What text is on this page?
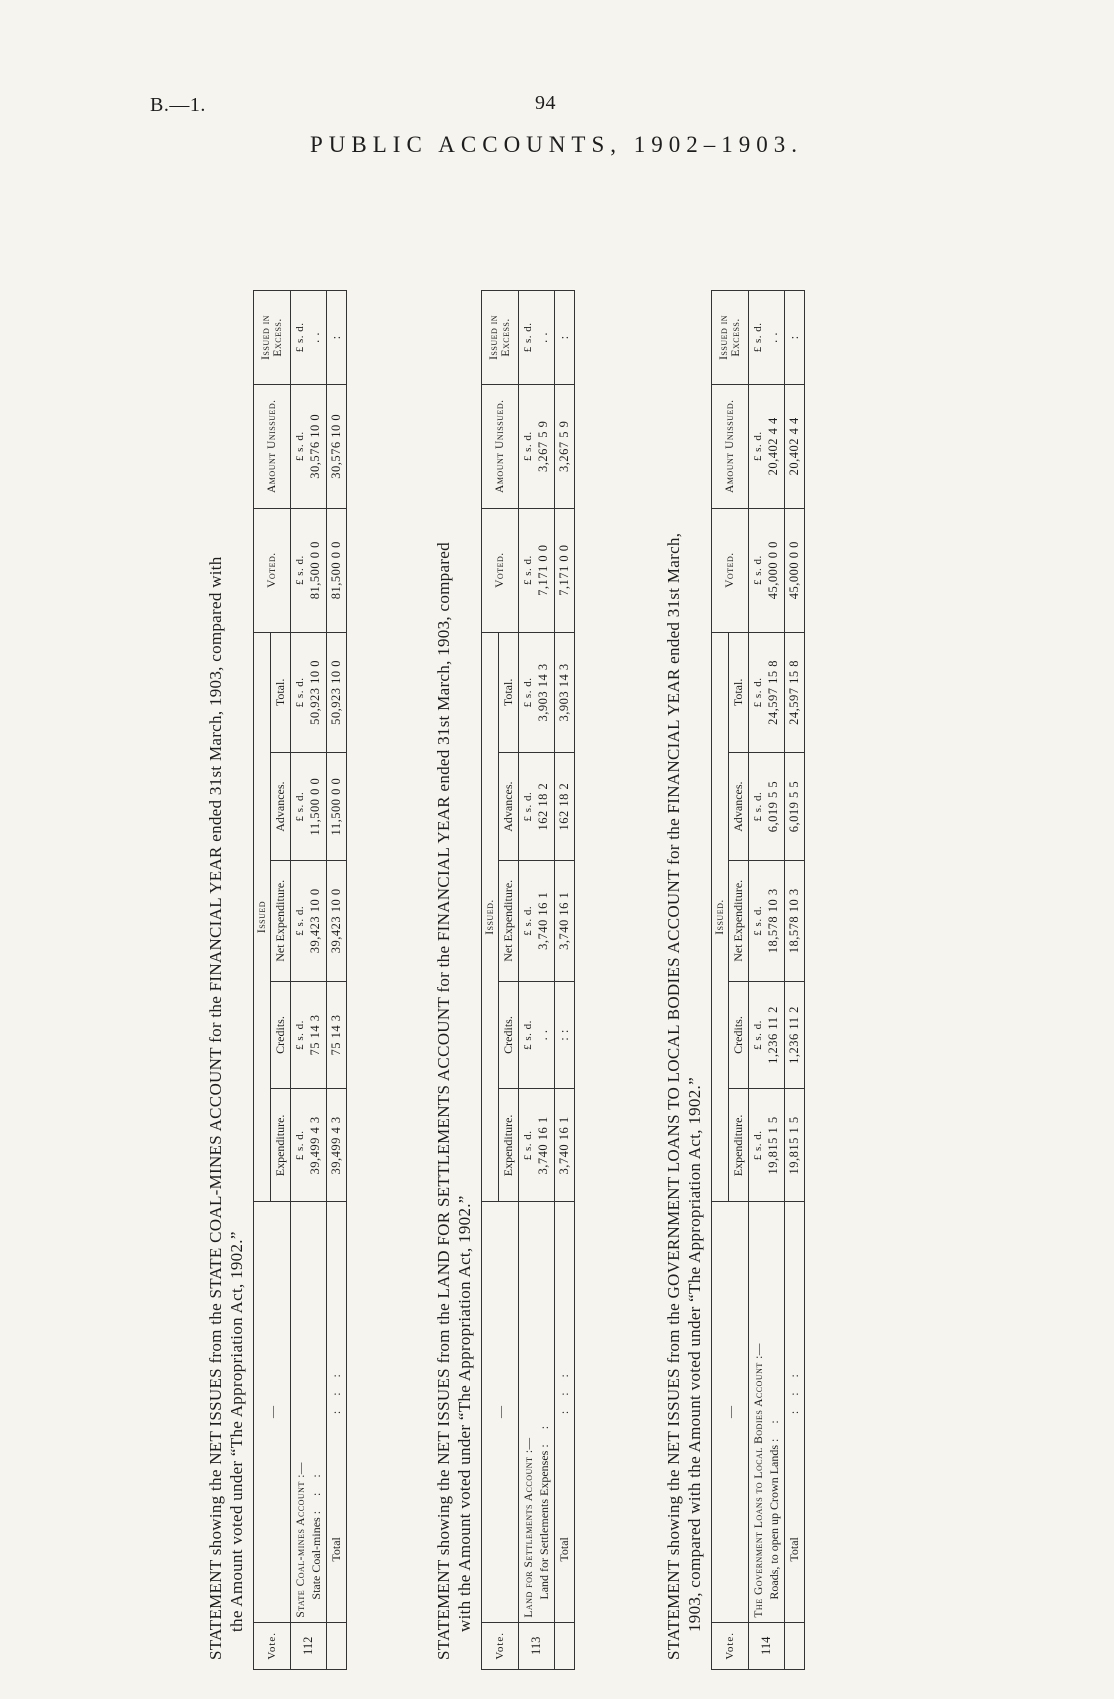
B.—1.	94
PUBLIC ACCOUNTS, 1902–1903.
STATEMENT showing the NET ISSUES from the STATE COAL-MINES ACCOUNT for the FINANCIAL YEAR ended 31st March, 1903, compared with the Amount voted under “The Appropriation Act, 1902.”
Vote.	—	Issued					Voted.	Amount Unissued.	Issued in Excess.
		Expenditure.	Credits.	Net Expenditure.	Advances.	Total.			
112	State Coal-mines Account :— State Coal-mines : : :	£ s. d. 39,499 4 3	£ s. d. 75 14 3	£ s. d. 39,423 10 0	£ s. d. 11,500 0 0	£ s. d. 50,923 10 0	£ s. d. 81,500 0 0	£ s. d. 30,576 10 0	£ s. d. . .
	Total : : :	39,499 4 3	75 14 3	39,423 10 0	11,500 0 0	50,923 10 0	81,500 0 0	30,576 10 0	:
STATEMENT showing the NET ISSUES from the LAND FOR SETTLEMENTS ACCOUNT for the FINANCIAL YEAR ended 31st March, 1903, compared with the Amount voted under “The Appropriation Act, 1902.”
Vote.	—	Issued.					Voted.	Amount Unissued.	Issued in Excess.
		Expenditure.	Credits.	Net Expenditure.	Advances.	Total.			
113	Land for Settlements Account :— Land for Settlements Expenses : :	£ s. d. 3,740 16 1	£ s. d. . .	£ s. d. 3,740 16 1	£ s. d. 162 18 2	£ s. d. 3,903 14 3	£ s. d. 7,171 0 0	£ s. d. 3,267 5 9	£ s. d. . .
	Total : : :	3,740 16 1	: :	3,740 16 1	162 18 2	3,903 14 3	7,171 0 0	3,267 5 9	:
STATEMENT showing the NET ISSUES from the GOVERNMENT LOANS TO LOCAL BODIES ACCOUNT for the FINANCIAL YEAR ended 31st March, 1903, compared with the Amount voted under “The Appropriation Act, 1902.”
Vote.	—	Issued.					Voted.	Amount Unissued.	Issued in Excess.
		Expenditure.	Credits.	Net Expenditure.	Advances.	Total.			
114	The Government Loans to Local Bodies Account :— Roads, to open up Crown Lands : :	£ s. d. 19,815 1 5	£ s. d. 1,236 11 2	£ s. d. 18,578 10 3	£ s. d. 6,019 5 5	£ s. d. 24,597 15 8	£ s. d. 45,000 0 0	£ s. d. 20,402 4 4	£ s. d. . .
	Total : : :	19,815 1 5	1,236 11 2	18,578 10 3	6,019 5 5	24,597 15 8	45,000 0 0	20,402 4 4	:
